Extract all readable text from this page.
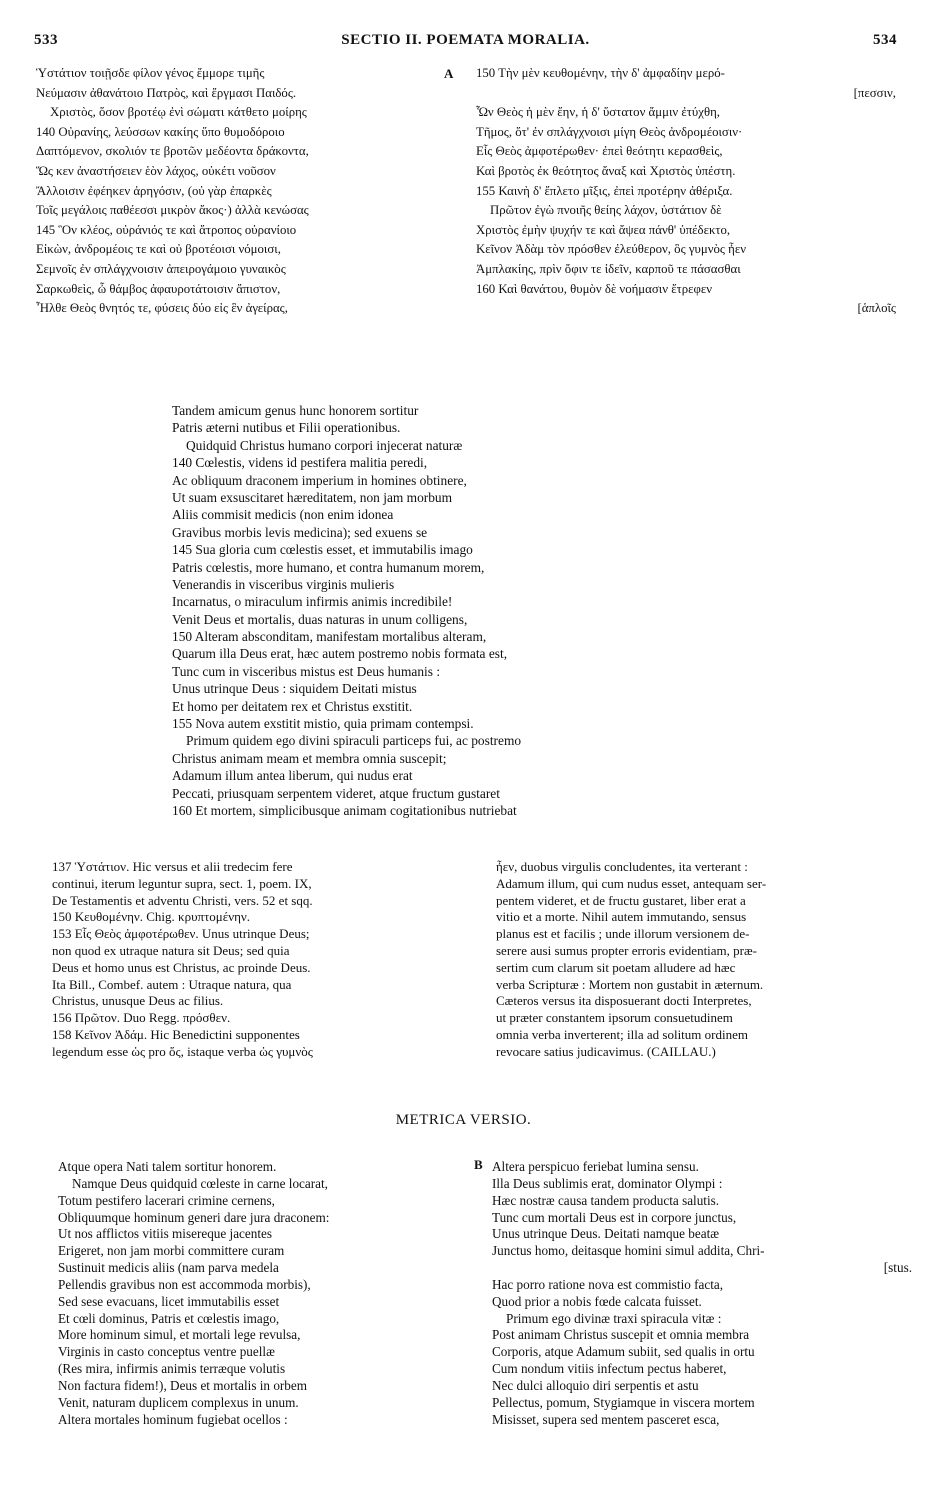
533	SECTIO II. POEMATA MORALIA.	534
A
B
Ὑστάτιον τοιῇσδε φίλον γένος ἔμμορε τιμῆς
Νεύμασιν ἀθανάτοιο Πατρὸς, καὶ ἔργμασι Παιδός.
Χριστὸς, ὅσον βροτέῳ ἐνὶ σώματι κάτθετο μοίρης
140 Οὐρανίης, λεύσσων κακίης ὕπο θυμοδόροιο
Δαπτόμενον, σκολιόν τε βροτῶν μεδέοντα δράκοντα,
Ὥς κεν ἀναστήσειεν ἑὸν λάχος, οὐκέτι νοῦσον
Ἄλλοισιν ἐφέηκεν ἀρηγόσιν, (οὐ γὰρ ἐπαρκὲς
Τοῖς μεγάλοις παθέεσσι μικρὸν ἄκος·) ἀλλὰ κενώσας
145 Ὃν κλέος, οὐράνιός τε καὶ ἄτροπος οὐρανίοιο
Εἰκὼν, ἀνδρομέοις τε καὶ οὐ βροτέοισι νόμοισι,
Σεμνοῖς ἐν σπλάγχνοισιν ἀπειρογάμοιο γυναικὸς
Σαρκωθεὶς, ὦ θάμβος ἀφαυροτάτοισιν ἄπιστον,
Ἦλθε Θεὸς θνητός τε, φύσεις δύο εἰς ἓν ἀγείρας,
150 Τὴν μὲν κευθομένην, τὴν δ' ἀμφαδίην μερό-
[πεσσιν,
Ὧν Θεὸς ἡ μὲν ἔην, ἡ δ' ὕστατον ἄμμιν ἐτύχθη,
Τῆμος, ὅτ' ἐν σπλάγχνοισι μίγη Θεὸς ἀνδρομέοισιν·
Εἷς Θεὸς ἀμφοτέρωθεν· ἐπεὶ θεότητι κερασθεὶς,
Καὶ βροτὸς ἐκ θεότητος ἄναξ καὶ Χριστὸς ὑπέστη.
155 Καινὴ δ' ἔπλετο μῖξις, ἐπεὶ προτέρην ἀθέριξα.
Πρῶτον ἐγὼ πνοιῆς θείης λάχον, ὑστάτιον δὲ
Χριστὸς ἐμὴν ψυχήν τε καὶ ἄψεα πάνθ' ὑπέδεκτο,
Κεῖνον Ἀδὰμ τὸν πρόσθεν ἐλεύθερον, ὃς γυμνὸς ἦεν
Ἀμπλακίης, πρὶν ὄφιν τε ἰδεῖν, καρποῦ τε πάσασθαι
160 Καὶ θανάτου, θυμὸν δὲ νοήμασιν ἔτρεφεν
[ἁπλοῖς
Tandem amicum genus hunc honorem sortitur
Patris æterni nutibus et Filii operationibus.
Quidquid Christus humano corpori injecerat naturæ
140 Cœlestis, videns id pestifera malitia peredi,
Ac obliquum draconem imperium in homines obtinere,
Ut suam exsuscitaret hæreditatem, non jam morbum
Aliis commisit medicis (non enim idonea
Gravibus morbis levis medicina); sed exuens se
145 Sua gloria cum cœlestis esset, et immutabilis imago
Patris cœlestis, more humano, et contra humanum morem,
Venerandis in visceribus virginis mulieris
Incarnatus, o miraculum infirmis animis incredibile!
Venit Deus et mortalis, duas naturas in unum colligens,
150 Alteram absconditam, manifestam mortalibus alteram,
Quarum illa Deus erat, hæc autem postremo nobis formata est,
Tunc cum in visceribus mistus est Deus humanis :
Unus utrinque Deus : siquidem Deitati mistus
Et homo per deitatem rex et Christus exstitit.
155 Nova autem exstitit mistio, quia primam contempsi.
Primum quidem ego divini spiraculi particeps fui, ac postremo
Christus animam meam et membra omnia suscepit;
Adamum illum antea liberum, qui nudus erat
Peccati, priusquam serpentem videret, atque fructum gustaret
160 Et mortem, simplicibusque animam cogitationibus nutriebat
137 Ὑστάτιον. Hic versus et alii tredecim fere
continui, iterum leguntur supra, sect. 1, poem. IX,
De Testamentis et adventu Christi, vers. 52 et sqq.
150 Κευθομένην. Chig. κρυπτομένην.
153 Εἷς Θεὸς ἀμφοτέρωθεν. Unus utrinque Deus;
non quod ex utraque natura sit Deus; sed quia
Deus et homo unus est Christus, ac proinde Deus.
Ita Bill., Combef. autem : Utraque natura, qua
Christus, unusque Deus ac filius.
156 Πρῶτον. Duo Regg. πρόσθεν.
158 Κεῖνον Ἀδάμ. Hic Benedictini supponentes
legendum esse ὡς pro ὅς, istaque verba ὡς γυμνὸς
ἦεν, duobus virgulis concludentes, ita verterant :
Adamum illum, qui cum nudus esset, antequam ser-
pentem videret, et de fructu gustaret, liber erat a
vitio et a morte. Nihil autem immutando, sensus
planus est et facilis ; unde illorum versionem de-
serere ausi sumus propter erroris evidentiam, præ-
sertim cum clarum sit poetam alludere ad hæc
verba Scripturæ : Mortem non gustabit in æternum.
Cæteros versus ita disposuerant docti Interpretes,
ut præter constantem ipsorum consuetudinem
omnia verba inverterent; illa ad solitum ordinem
revocare satius judicavimus. (CAILLAU.)
METRICA VERSIO.
Atque opera Nati talem sortitur honorem.
Namque Deus quidquid cœleste in carne locarat,
Totum pestifero lacerari crimine cernens,
Obliquumque hominum generi dare jura draconem:
Ut nos afflictos vitiis misereque jacentes
Erigeret, non jam morbi committere curam
Sustinuit medicis aliis (nam parva medela
Pellendis gravibus non est accommoda morbis),
Sed sese evacuans, licet immutabilis esset
Et cœli dominus, Patris et cœlestis imago,
More hominum simul, et mortali lege revulsa,
Virginis in casto conceptus ventre puellæ
(Res mira, infirmis animis terræque volutis
Non factura fidem!), Deus et mortalis in orbem
Venit, naturam duplicem complexus in unum.
Altera mortales hominum fugiebat ocellos :
Altera perspicuo feriebat lumina sensu.
Illa Deus sublimis erat, dominator Olympi :
Hæc nostræ causa tandem producta salutis.
Tunc cum mortali Deus est in corpore junctus,
Unus utrinque Deus. Deitati namque beatæ
Junctus homo, deitasque homini simul addita, Chri-
[stus.
Hac porro ratione nova est commistio facta,
Quod prior a nobis fœde calcata fuisset.
Primum ego divinæ traxi spiracula vitæ :
Post animam Christus suscepit et omnia membra
Corporis, atque Adamum subiit, sed qualis in ortu
Cum nondum vitiis infectum pectus haberet,
Nec dulci alloquio diri serpentis et astu
Pellectus, pomum, Stygiamque in viscera mortem
Misisset, supera sed mentem pasceret esca,
